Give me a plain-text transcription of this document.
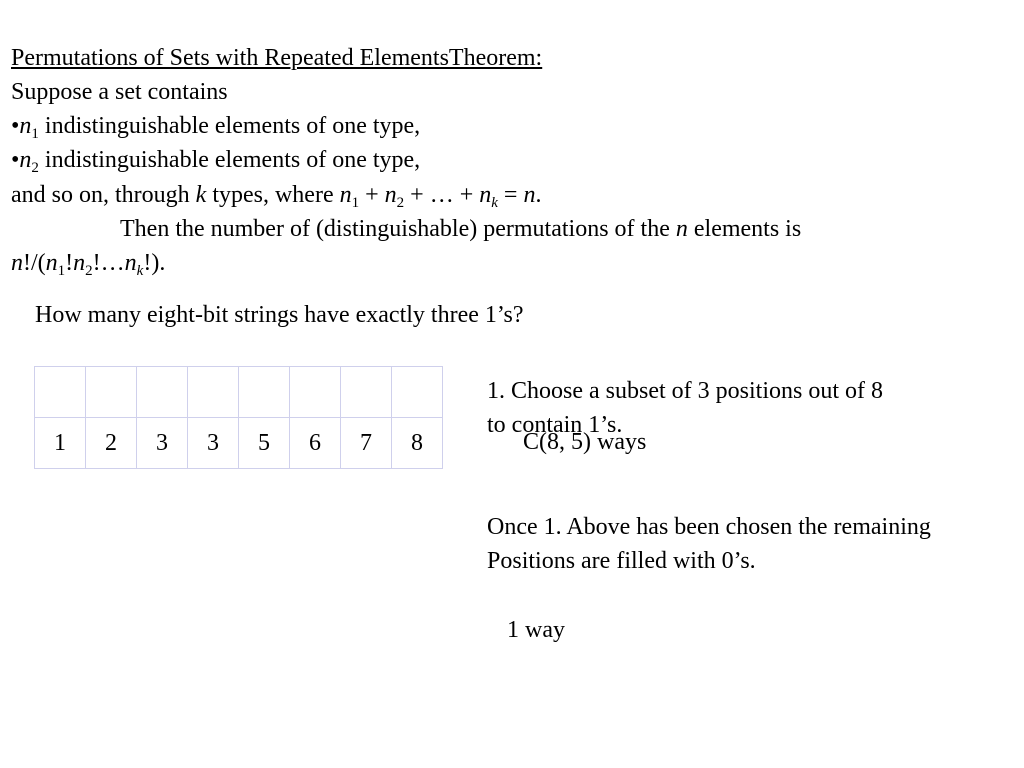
Permutations of Sets with Repeated ElementsTheorem:
Suppose a set contains
$•n_1$ indistinguishable elements of one type,
$•n_2$ indistinguishable elements of one type,
and so on, through k types, where $n_1 + n_2$ + … + $n_k = n$.
Then the number of (distinguishable) permutations of the n elements is
$n!/(n_1!n_2!\dots n_k!)$.
How many eight-bit strings have exactly three 1’s?

1	2	3	3	5	6	7	8
1. Choose a subset of 3 positions out of 8
to contain 1’s.
C(8, 5) ways
Once 1. Above has been chosen the remaining
Positions are filled with 0’s.
1 way
